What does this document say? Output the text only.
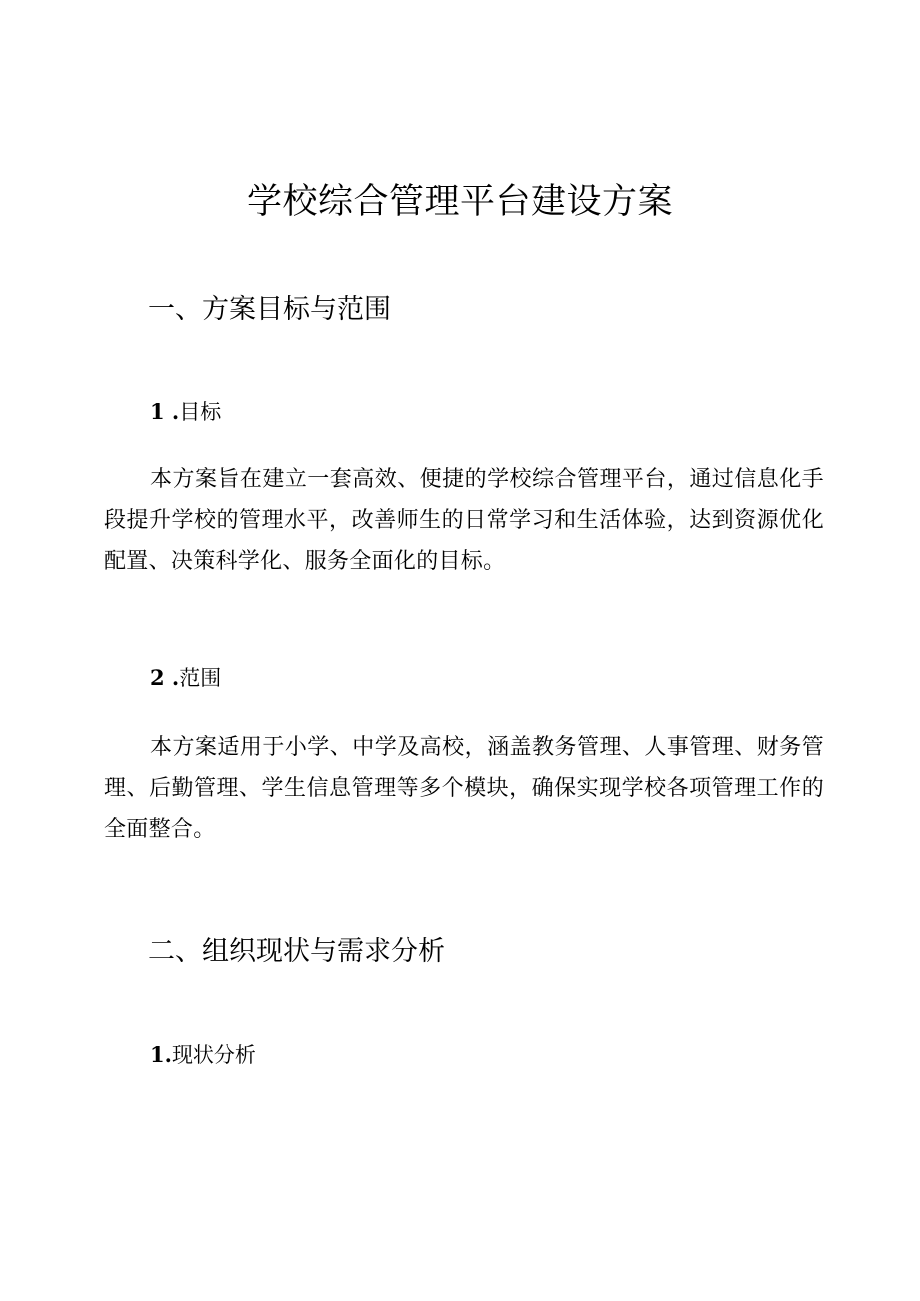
学校综合管理平台建设方案
一、方案目标与范围
1 .目标

本方案旨在建立一套高效、便捷的学校综合管理平台，通过信息化手段提升学校的管理水平，改善师生的日常学习和生活体验，达到资源优化配置、决策科学化、服务全面化的目标。

2 .范围

本方案适用于小学、中学及高校，涵盖教务管理、人事管理、财务管理、后勤管理、学生信息管理等多个模块，确保实现学校各项管理工作的全面整合。

二、组织现状与需求分析
1.现状分析
